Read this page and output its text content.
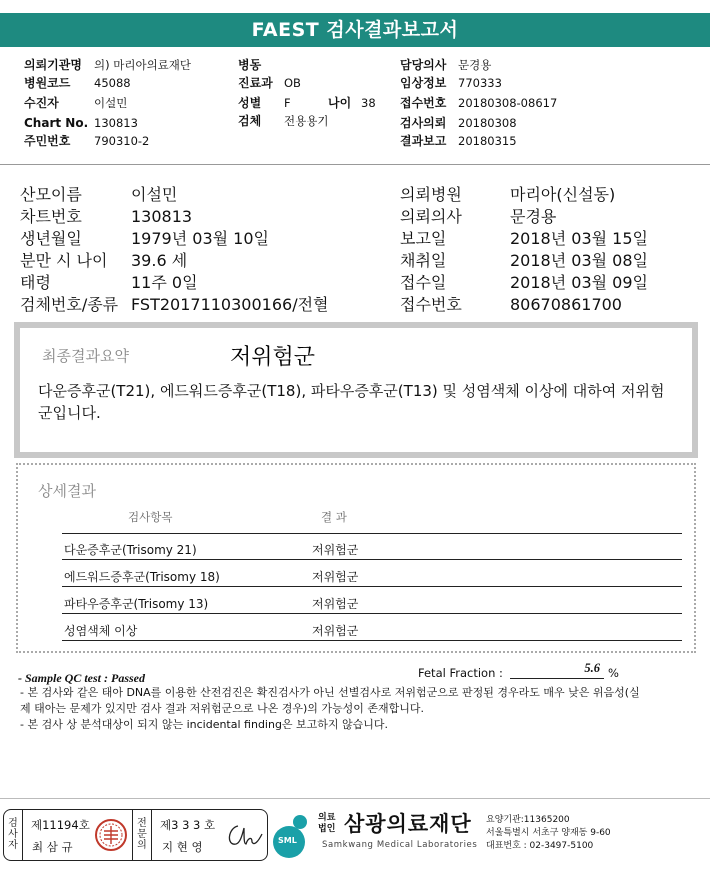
FAEST 검사결과보고서
의뢰기관명 의) 마리아의료재단
병원코드 45088
수진자	이설민
Chart No. 130813
주민번호 790310-2
병동
진료과 OB
성별 F	나이 38
검체 전용용기
담당의사 문경용
임상정보 770333
접수번호 20180308-08617
검사의뢰 20180308
결과보고 20180315
산모이름	이설민
차트번호	130813
생년월일	1979년 03월 10일
분만 시 나이 39.6 세
태령	11주 0일
검체번호/종류 FST2017110300166/전혈
의뢰병원	마리아(신설동)
의뢰의사	문경용
보고일	2018년 03월 15일
채취일	2018년 03월 08일
접수일	2018년 03월 09일
접수번호	80670861700
최종결과요약	저위험군
다운증후군(T21), 에드워드증후군(T18), 파타우증후군(T13) 및 성염색체 이상에 대하여 저위험군입니다.
상세결과
검사항목	결 과
다운증후군(Trisomy 21)	저위험군
에드워드증후군(Trisomy 18)	저위험군
파타우증후군(Trisomy 13)	저위험군
성염색체 이상	저위험군
- Sample QC test : Passed	Fetal Fraction :	5.6 %
- 본 검사와 같은 태아 DNA를 이용한 산전검진은 확진검사가 아닌 선별검사로 저위험군으로 판정된 경우라도 매우 낮은 위음성(실
제 태아는 문제가 있지만 검사 결과 저위험군으로 나온 경우)의 가능성이 존재합니다.
- 본 검사 상 분석대상이 되지 않는 incidental finding은 보고하지 않습니다.
검사자
제11194호
최 삼 규
전문의
제3 3 3 호
지 현 영	SML
의료법인 삼광의료재단
Samkwang Medical Laboratories
요양기관:11365200
서울특별시 서초구 양재동 9-60
대표번호 : 02-3497-5100
